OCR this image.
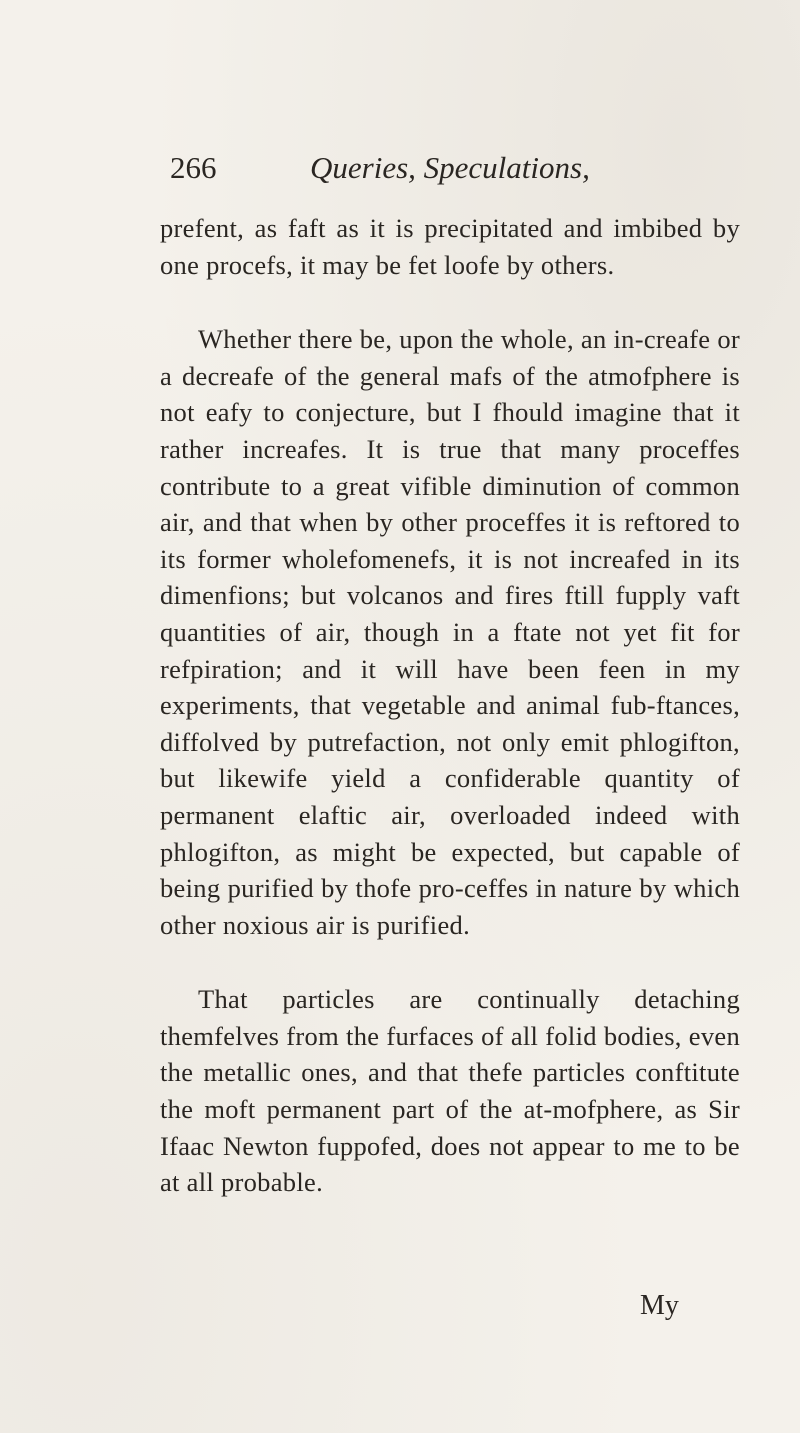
266	Queries, Speculations,

prefent, as faft as it is precipitated and imbibed by one procefs, it may be fet loofe by others.

Whether there be, upon the whole, an in-creafe or a decreafe of the general mafs of the atmofphere is not eafy to conjecture, but I fhould imagine that it rather increafes. It is true that many proceffes contribute to a great vifible diminution of common air, and that when by other proceffes it is reftored to its former wholefomenefs, it is not increafed in its dimenfions; but volcanos and fires ftill fupply vaft quantities of air, though in a ftate not yet fit for refpiration; and it will have been feen in my experiments, that vegetable and animal fub-ftances, diffolved by putrefaction, not only emit phlogifton, but likewife yield a confiderable quantity of permanent elaftic air, overloaded indeed with phlogifton, as might be expected, but capable of being purified by thofe pro-ceffes in nature by which other noxious air is purified.

That particles are continually detaching themfelves from the furfaces of all folid bodies, even the metallic ones, and that thefe particles conftitute the moft permanent part of the at-mofphere, as Sir Ifaac Newton fuppofed, does not appear to me to be at all probable.

My
